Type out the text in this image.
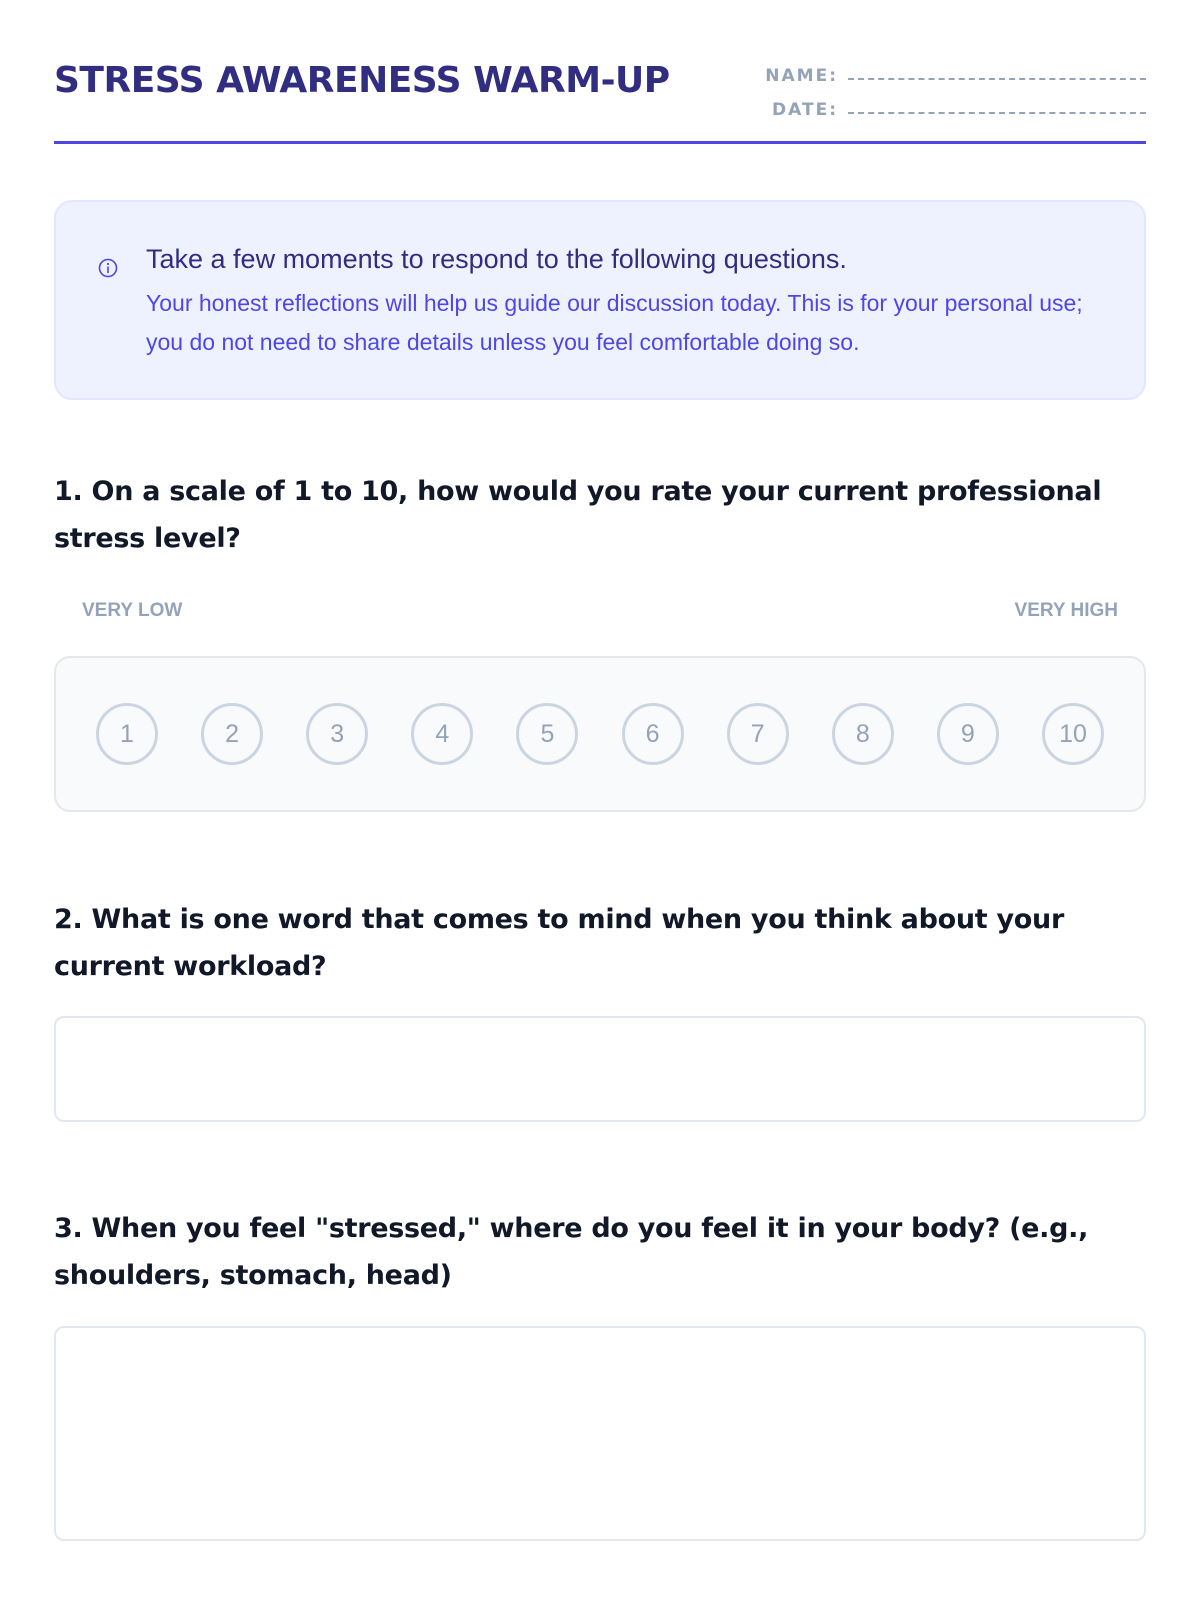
STRESS AWARENESS WARM-UP	NAME:
DATE:

Take a few moments to respond to the following questions.

Your honest reflections will help us guide our discussion today. This is for your personal use; you do not need to share details unless you feel comfortable doing so.

1. On a scale of 1 to 10, how would you rate your current professional stress level?

VERY LOW	VERY HIGH
1	2	3	4	5	6	7	8	9	10

2. What is one word that comes to mind when you think about your current workload?

3. When you feel "stressed," where do you feel it in your body? (e.g., shoulders, stomach, head)
